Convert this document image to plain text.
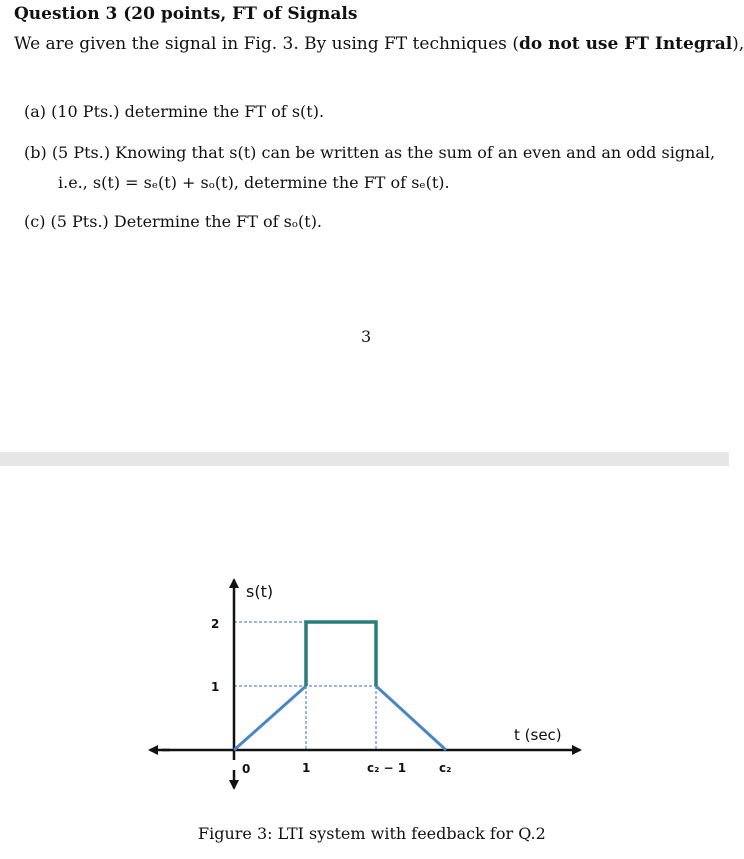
Question 3 (20 points, FT of Signals
We are given the signal in Fig. 3. By using FT techniques (do not use FT Integral),
(a) (10 Pts.) determine the FT of s(t).
(b) (5 Pts.) Knowing that s(t) can be written as the sum of an even and an odd signal,
i.e., s(t) = sₑ(t) + sₒ(t), determine the FT of sₑ(t).
(c) (5 Pts.) Determine the FT of sₒ(t).
3
s(t)
t (sec)
2
1
0	1	c₂ − 1	c₂
Figure 3: LTI system with feedback for Q.2
